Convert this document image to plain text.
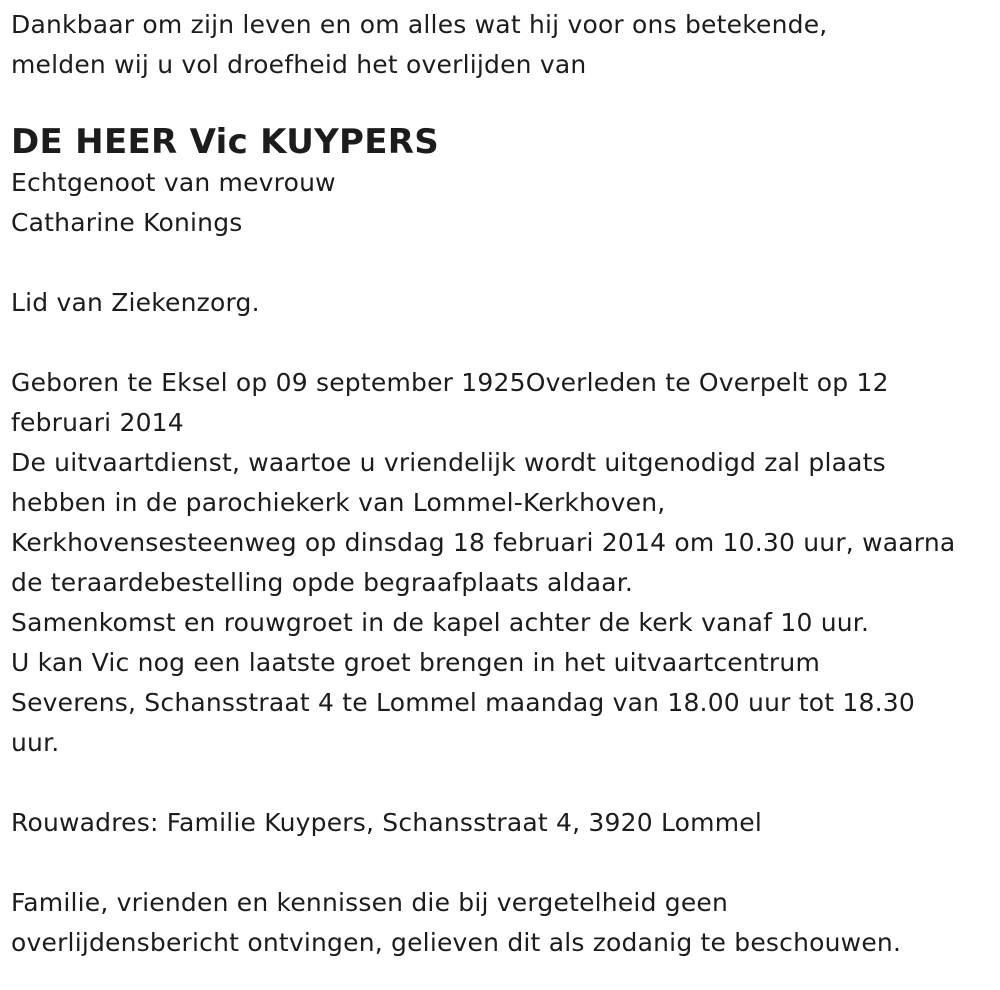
Dankbaar om zijn leven en om alles wat hij voor ons betekende,
melden wij u vol droefheid het overlijden van
DE HEER Vic KUYPERS
Echtgenoot van mevrouw
Catharine Konings
Lid van Ziekenzorg.
Geboren te Eksel op 09 september 1925Overleden te Overpelt op 12
februari 2014
De uitvaartdienst, waartoe u vriendelijk wordt uitgenodigd zal plaats
hebben in de parochiekerk van Lommel-Kerkhoven,
Kerkhovensesteenweg op dinsdag 18 februari 2014 om 10.30 uur, waarna
de teraardebestelling opde begraafplaats aldaar.
Samenkomst en rouwgroet in de kapel achter de kerk vanaf 10 uur.
U kan Vic nog een laatste groet brengen in het uitvaartcentrum
Severens, Schansstraat 4 te Lommel maandag van 18.00 uur tot 18.30
uur.
Rouwadres: Familie Kuypers, Schansstraat 4, 3920 Lommel
Familie, vrienden en kennissen die bij vergetelheid geen
overlijdensbericht ontvingen, gelieven dit als zodanig te beschouwen.
